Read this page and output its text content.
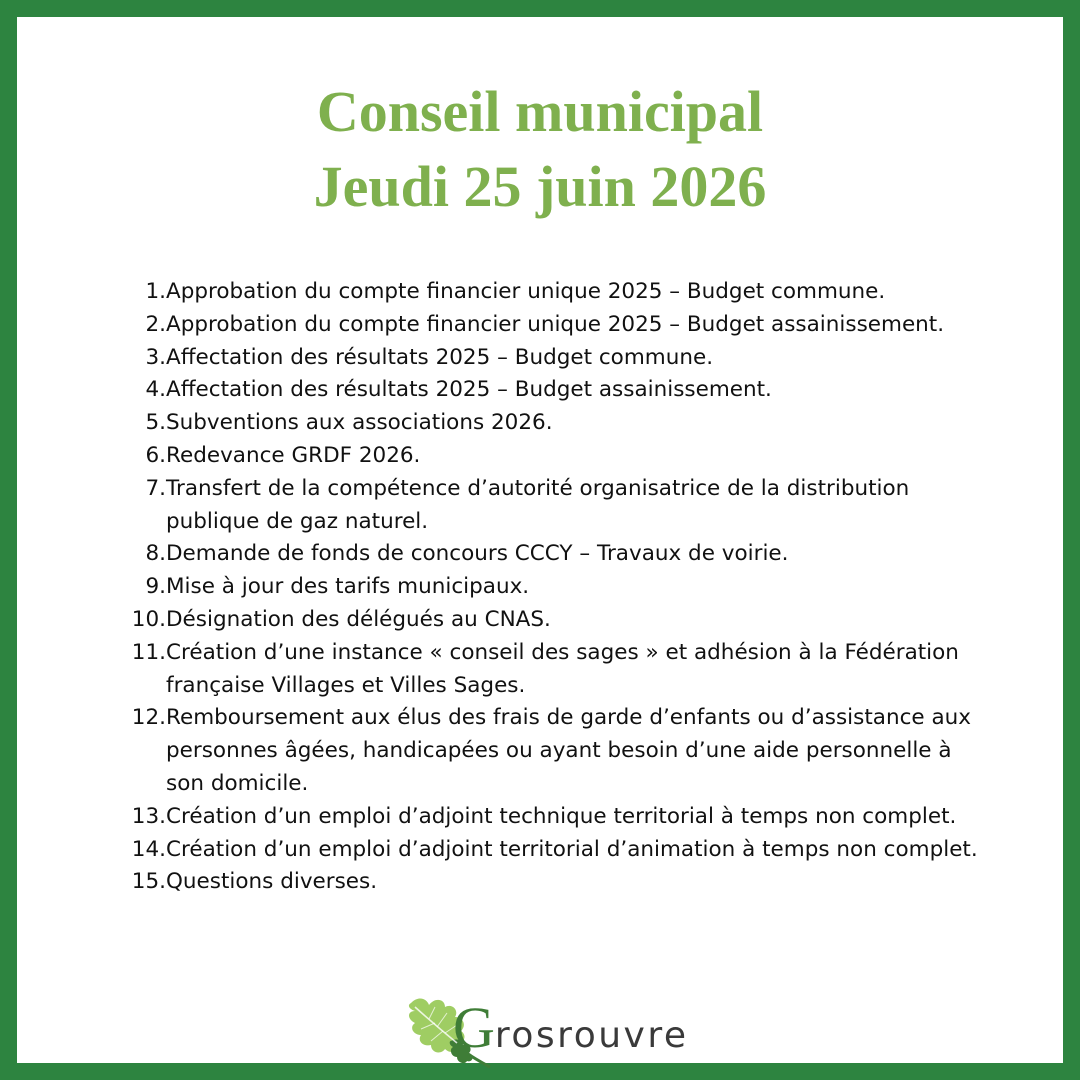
Conseil municipal
Jeudi 25 juin 2026
1. Approbation du compte financier unique 2025 – Budget commune.
2. Approbation du compte financier unique 2025 – Budget assainissement.
3. Affectation des résultats 2025 – Budget commune.
4. Affectation des résultats 2025 – Budget assainissement.
5. Subventions aux associations 2026.
6. Redevance GRDF 2026.
7. Transfert de la compétence d’autorité organisatrice de la distribution publique de gaz naturel.
8. Demande de fonds de concours CCCY – Travaux de voirie.
9. Mise à jour des tarifs municipaux.
10. Désignation des délégués au CNAS.
11. Création d’une instance « conseil des sages » et adhésion à la Fédération française Villages et Villes Sages.
12. Remboursement aux élus des frais de garde d’enfants ou d’assistance aux personnes âgées, handicapées ou ayant besoin d’une aide personnelle à son domicile.
13. Création d’un emploi d’adjoint technique territorial à temps non complet.
14. Création d’un emploi d’adjoint territorial d’animation à temps non complet.
15. Questions diverses.
Grosrouvre
